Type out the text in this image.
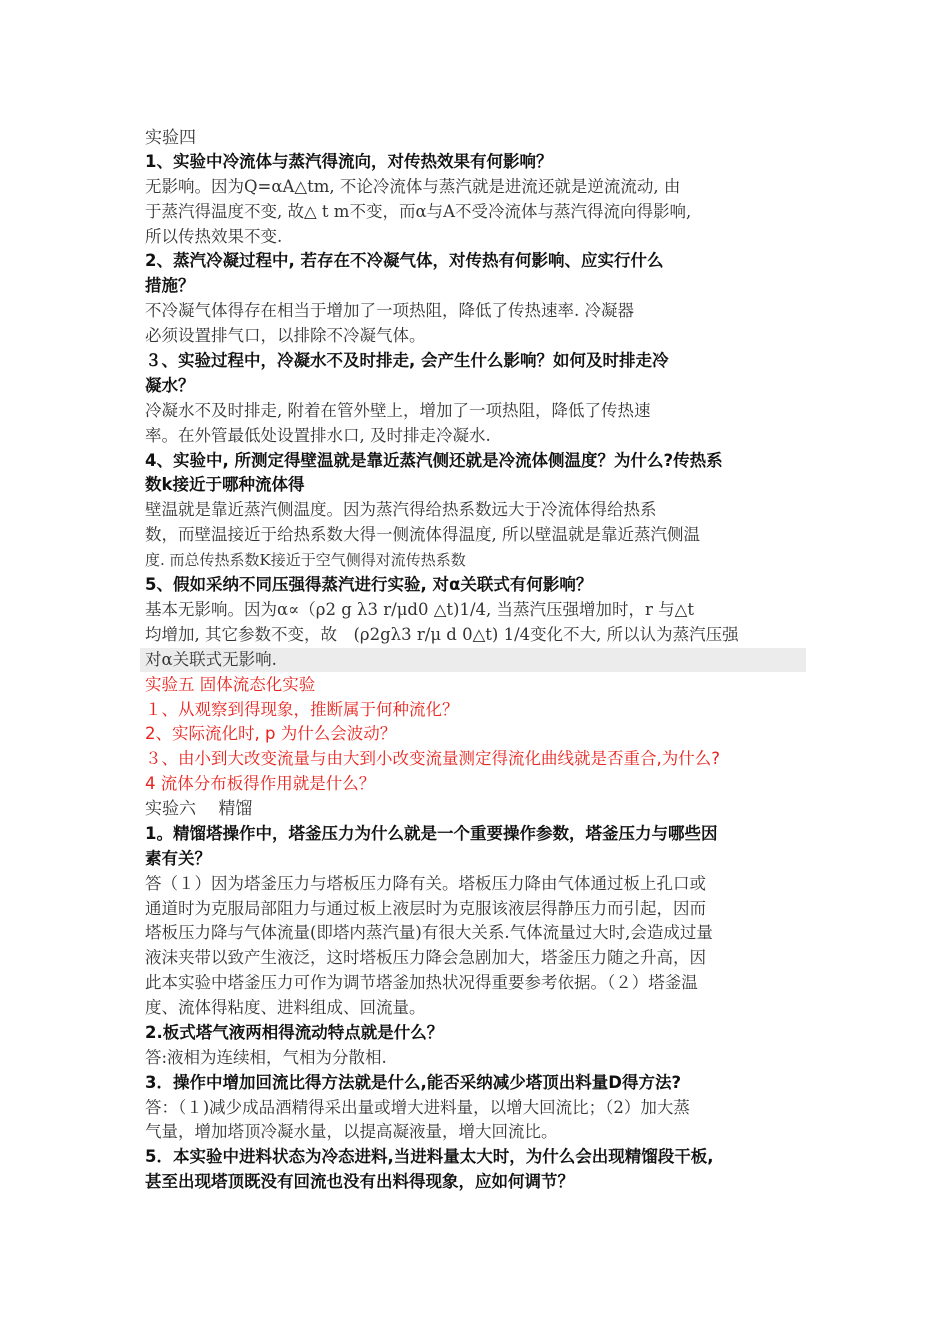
实验四
1、实验中冷流体与蒸汽得流向，对传热效果有何影响？
无影响。因为Q=αA△tm, 不论冷流体与蒸汽就是进流还就是逆流流动, 由
于蒸汽得温度不变, 故△ t m不变，而α与A不受冷流体与蒸汽得流向得影响,
所以传热效果不变.
2、蒸汽冷凝过程中, 若存在不冷凝气体，对传热有何影响、应实行什么
措施？
不冷凝气体得存在相当于增加了一项热阻，降低了传热速率. 冷凝器
必须设置排气口，以排除不冷凝气体。
３、实验过程中，冷凝水不及时排走, 会产生什么影响？如何及时排走冷
凝水？
冷凝水不及时排走, 附着在管外壁上，增加了一项热阻，降低了传热速
率。在外管最低处设置排水口, 及时排走冷凝水.
4、实验中, 所测定得壁温就是靠近蒸汽侧还就是冷流体侧温度？为什么?传热系
数k接近于哪种流体得
壁温就是靠近蒸汽侧温度。因为蒸汽得给热系数远大于冷流体得给热系
数，而壁温接近于给热系数大得一侧流体得温度, 所以壁温就是靠近蒸汽侧温
度. 而总传热系数K接近于空气侧得对流传热系数
5、假如采纳不同压强得蒸汽进行实验, 对α关联式有何影响？
基本无影响。因为α∝（ρ2 g λ3 r/μd0 △t)1/4, 当蒸汽压强增加时，r 与△t
均增加, 其它参数不变，故　(ρ2gλ3 r/μ d 0△t) 1/4变化不大, 所以认为蒸汽压强
对α关联式无影响.
实验五 固体流态化实验
１、从观察到得现象，推断属于何种流化？
2、实际流化时, p 为什么会波动？
３、由小到大改变流量与由大到小改变流量测定得流化曲线就是否重合,为什么?
4 流体分布板得作用就是什么？
实验六　 精馏
1。精馏塔操作中，塔釜压力为什么就是一个重要操作参数，塔釜压力与哪些因
素有关？
答（１）因为塔釜压力与塔板压力降有关。塔板压力降由气体通过板上孔口或
通道时为克服局部阻力与通过板上液层时为克服该液层得静压力而引起，因而
塔板压力降与气体流量(即塔内蒸汽量)有很大关系.气体流量过大时,会造成过量
液沫夹带以致产生液泛，这时塔板压力降会急剧加大，塔釜压力随之升高，因
此本实验中塔釜压力可作为调节塔釜加热状况得重要参考依据。（２）塔釜温
度、流体得粘度、进料组成、回流量。
2.板式塔气液两相得流动特点就是什么？
答:液相为连续相，气相为分散相.
3．操作中增加回流比得方法就是什么,能否采纳减少塔顶出料量D得方法?
答：（１)减少成品酒精得采出量或增大进料量，以增大回流比；（2）加大蒸
气量，增加塔顶冷凝水量，以提高凝液量，增大回流比。
5．本实验中进料状态为冷态进料,当进料量太大时，为什么会出现精馏段干板,
甚至出现塔顶既没有回流也没有出料得现象，应如何调节？
